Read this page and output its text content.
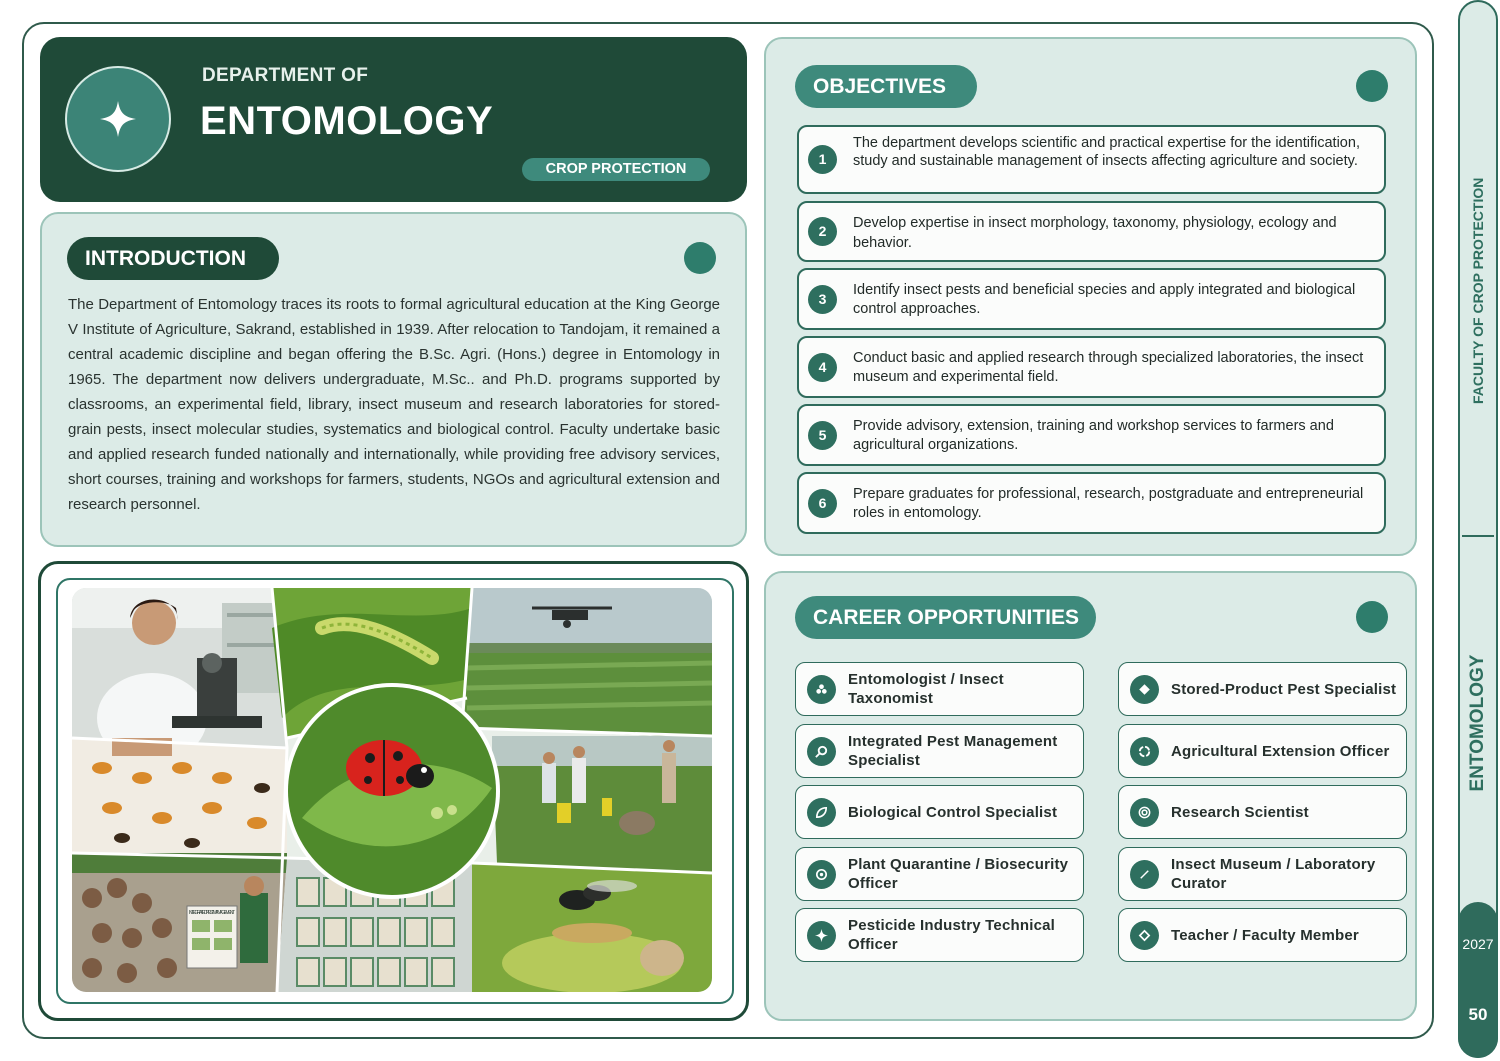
DEPARTMENT OF
ENTOMOLOGY
CROP PROTECTION
INTRODUCTION
The Department of Entomology traces its roots to formal agricultural education at the King George V Institute of Agriculture, Sakrand, established in 1939. After relocation to Tandojam, it remained a central academic discipline and began offering the B.Sc. Agri. (Hons.) degree in Entomology in 1965. The department now delivers undergraduate, M.Sc.. and Ph.D. programs supported by classrooms, an experimental field, library, insect museum and research laboratories for stored-grain pests, insect molecular studies, systematics and biological control. Faculty undertake basic and applied research funded nationally and internationally, while providing free advisory services, short courses, training and workshops for farmers, students, NGOs and agricultural extension and research personnel.
OBJECTIVES
1
The department develops scientific and practical expertise for the identification, study and sustainable management of insects affecting agriculture and society.
2	Develop expertise in insect morphology, taxonomy, physiology, ecology and behavior.
3
Identify insect pests and beneficial species and apply integrated and biological control approaches.
4
Conduct basic and applied research through specialized laboratories, the insect museum and experimental field.
5
Provide advisory, extension, training and workshop services to farmers and agricultural organizations.
6
Prepare graduates for professional, research, postgraduate and entrepreneurial roles in entomology.
CAREER OPPORTUNITIES
Entomologist / Insect Taxonomist
Integrated Pest Management Specialist
Biological Control Specialist
Plant Quarantine / Biosecurity Officer
Pesticide Industry Technical Officer
Stored-Product Pest Specialist
Agricultural Extension Officer
Research Scientist
Insect Museum / Laboratory Curator
Teacher / Faculty Member
INTEGRATED PEST MANAGEMENT
FACULTY OF CROP PROTECTION
ENTOMOLOGY
2027
50
